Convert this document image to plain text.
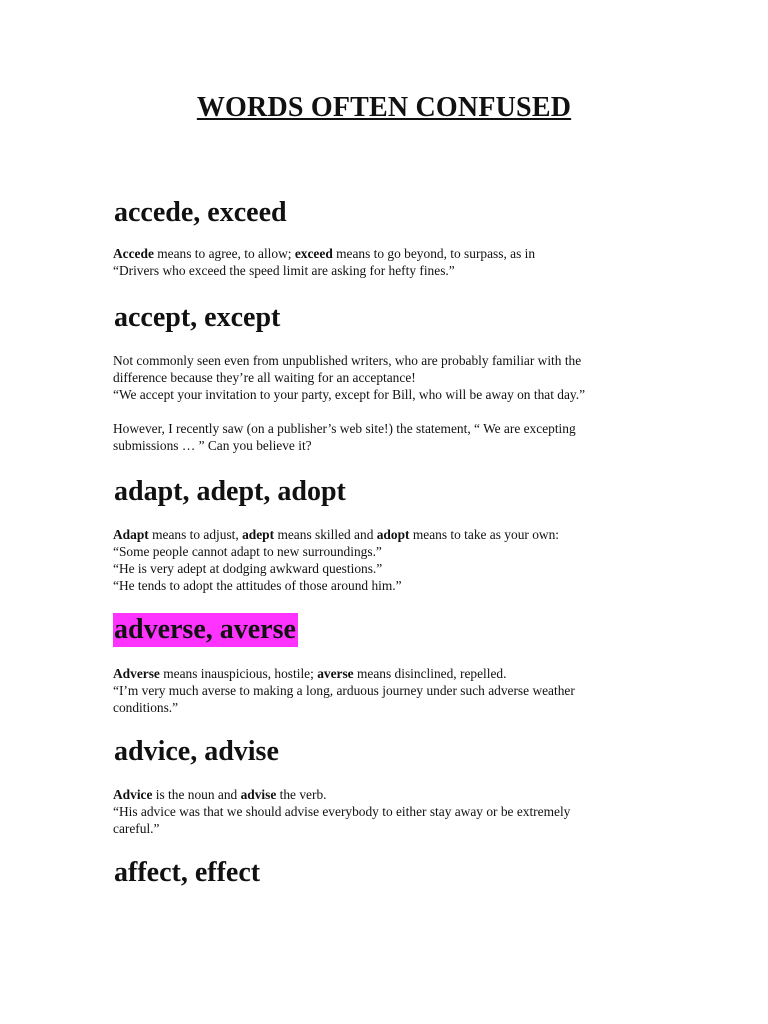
WORDS OFTEN CONFUSED
accede, exceed

Accede means to agree, to allow; exceed means to go beyond, to surpass, as in

“Drivers who exceed the speed limit are asking for hefty fines.”

accept, except

Not commonly seen even from unpublished writers, who are probably familiar with the

difference because they’re all waiting for an acceptance!

“We accept your invitation to your party, except for Bill, who will be away on that day.”

However, I recently saw (on a publisher’s web site!) the statement, “ We are excepting

submissions … ” Can you believe it?

adapt, adept, adopt

Adapt means to adjust, adept means skilled and adopt means to take as your own:

“Some people cannot adapt to new surroundings.”

“He is very adept at dodging awkward questions.”

“He tends to adopt the attitudes of those around him.”

adverse, averse

Adverse means inauspicious, hostile; averse means disinclined, repelled.

“I’m very much averse to making a long, arduous journey under such adverse weather

conditions.”

advice, advise

Advice is the noun and advise the verb.

“His advice was that we should advise everybody to either stay away or be extremely

careful.”

affect, effect
